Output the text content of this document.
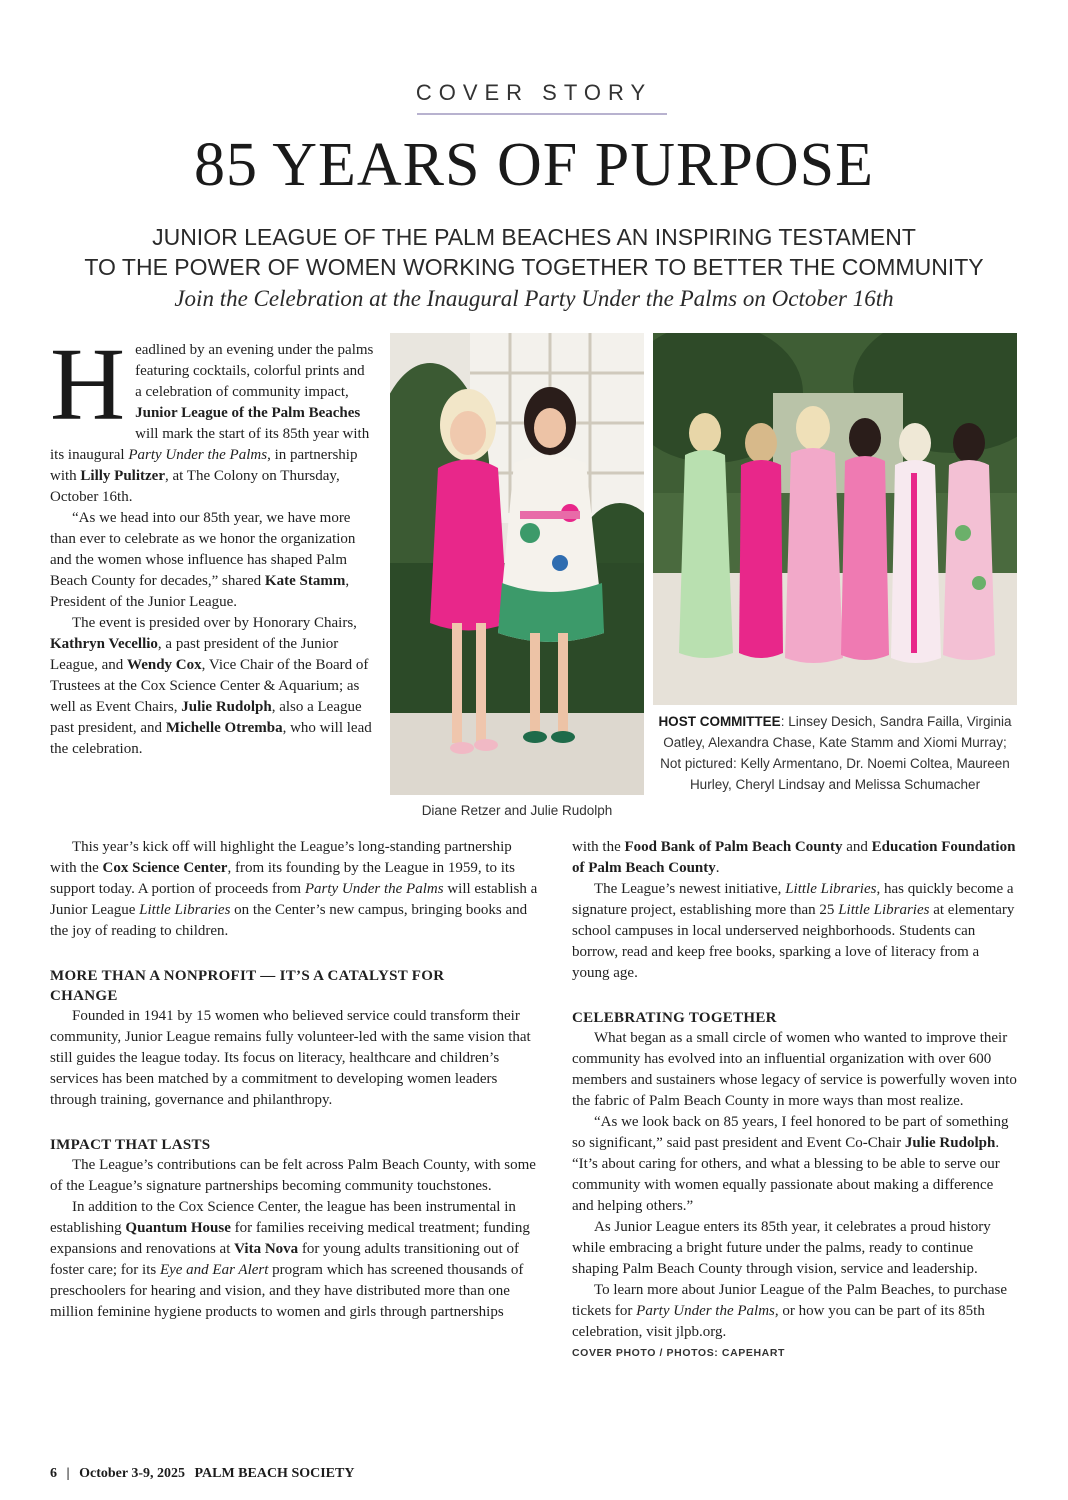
COVER STORY
85 YEARS OF PURPOSE
JUNIOR LEAGUE OF THE PALM BEACHES AN INSPIRING TESTAMENT
TO THE POWER OF WOMEN WORKING TOGETHER TO BETTER THE COMMUNITY
Join the Celebration at the Inaugural Party Under the Palms on October 16th

Headlined by an evening under the palms featuring cocktails, colorful prints and a celebration of community impact, Junior League of the Palm Beaches will mark the start of its 85th year with its inaugural Party Under the Palms, in partnership with Lilly Pulitzer, at The Colony on Thursday, October 16th.

“As we head into our 85th year, we have more than ever to celebrate as we honor the organization and the women whose influence has shaped Palm Beach County for decades,” shared Kate Stamm, President of the Junior League.

The event is presided over by Honorary Chairs, Kathryn Vecellio, a past president of the Junior League, and Wendy Cox, Vice Chair of the Board of Trustees at the Cox Science Center & Aquarium; as well as Event Chairs, Julie Rudolph, also a League past president, and Michelle Otremba, who will lead the celebration.

Diane Retzer and Julie Rudolph
HOST COMMITTEE: Linsey Desich, Sandra Failla, Virginia Oatley, Alexandra Chase, Kate Stamm and Xiomi Murray; Not pictured: Kelly Armentano, Dr. Noemi Coltea, Maureen Hurley, Cheryl Lindsay and Melissa Schumacher

This year’s kick off will highlight the League’s long-standing partnership with the Cox Science Center, from its founding by the League in 1959, to its support today. A portion of proceeds from Party Under the Palms will establish a Junior League Little Libraries on the Center’s new campus, bringing books and the joy of reading to children.

MORE THAN A NONPROFIT — IT’S A CATALYST FOR CHANGE

Founded in 1941 by 15 women who believed service could transform their community, Junior League remains fully volunteer-led with the same vision that still guides the league today. Its focus on literacy, healthcare and children’s services has been matched by a commitment to developing women leaders through training, governance and philanthropy.

IMPACT THAT LASTS

The League’s contributions can be felt across Palm Beach County, with some of the League’s signature partnerships becoming community touchstones.

In addition to the Cox Science Center, the league has been instrumental in establishing Quantum House for families receiving medical treatment; funding expansions and renovations at Vita Nova for young adults transitioning out of foster care; for its Eye and Ear Alert program which has screened thousands of preschoolers for hearing and vision, and they have distributed more than one million feminine hygiene products to women and girls through partnerships

with the Food Bank of Palm Beach County and Education Foundation of Palm Beach County.

The League’s newest initiative, Little Libraries, has quickly become a signature project, establishing more than 25 Little Libraries at elementary school campuses in local underserved neighborhoods. Students can borrow, read and keep free books, sparking a love of literacy from a young age.

CELEBRATING TOGETHER

What began as a small circle of women who wanted to improve their community has evolved into an influential organization with over 600 members and sustainers whose legacy of service is powerfully woven into the fabric of Palm Beach County in more ways than most realize.

“As we look back on 85 years, I feel honored to be part of something so significant,” said past president and Event Co-Chair Julie Rudolph. “It’s about caring for others, and what a blessing to be able to serve our community with women equally passionate about making a difference and helping others.”

As Junior League enters its 85th year, it celebrates a proud history while embracing a bright future under the palms, ready to continue shaping Palm Beach County through vision, service and leadership.

To learn more about Junior League of the Palm Beaches, to purchase tickets for Party Under the Palms, or how you can be part of its 85th celebration, visit jlpb.org.

COVER PHOTO / PHOTOS: CAPEHART
6 | October 3-9, 2025 PALM BEACH SOCIETY
